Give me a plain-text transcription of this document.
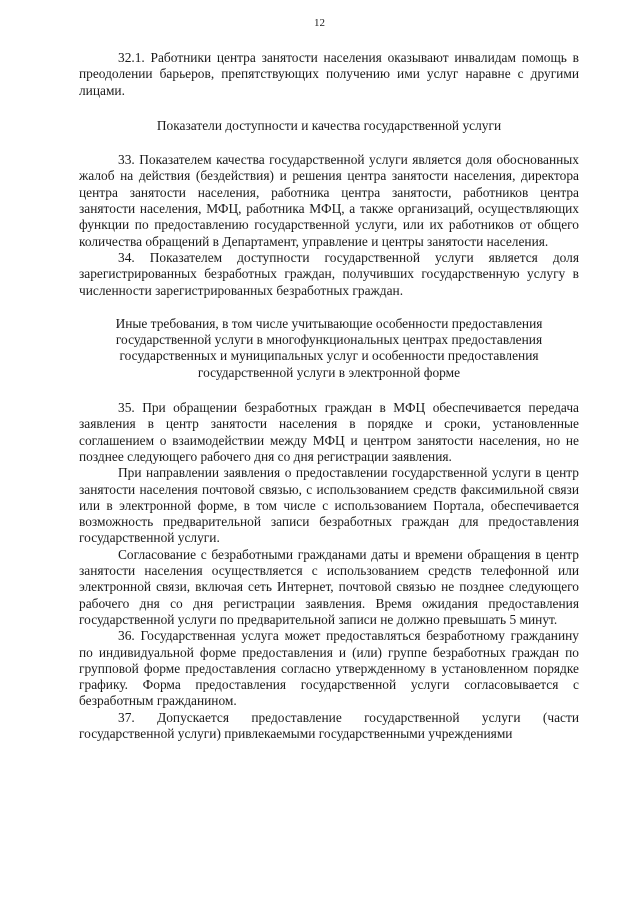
12

32.1. Работники центра занятости населения оказывают инвалидам помощь в преодолении барьеров, препятствующих получению ими услуг наравне с другими лицами.

Показатели доступности и качества государственной услуги

33. Показателем качества государственной услуги является доля обоснованных жалоб на действия (бездействия) и решения центра занятости населения, директора центра занятости населения, работника центра занятости, работников центра занятости населения, МФЦ, работника МФЦ, а также организаций, осуществляющих функции по предоставлению государственной услуги, или их работников от общего количества обращений в Департамент, управление и центры занятости населения.

34. Показателем доступности государственной услуги является доля зарегистрированных безработных граждан, получивших государственную услугу в численности зарегистрированных безработных граждан.

Иные требования, в том числе учитывающие особенности предоставления государственной услуги в многофункциональных центрах предоставления государственных и муниципальных услуг и особенности предоставления государственной услуги в электронной форме

35. При обращении безработных граждан в МФЦ обеспечивается передача заявления в центр занятости населения в порядке и сроки, установленные соглашением о взаимодействии между МФЦ и центром занятости населения, но не позднее следующего рабочего дня со дня регистрации заявления.

При направлении заявления о предоставлении государственной услуги в центр занятости населения почтовой связью, с использованием средств факсимильной связи или в электронной форме, в том числе с использованием Портала, обеспечивается возможность предварительной записи безработных граждан для предоставления государственной услуги.

Согласование с безработными гражданами даты и времени обращения в центр занятости населения осуществляется с использованием средств телефонной или электронной связи, включая сеть Интернет, почтовой связью не позднее следующего рабочего дня со дня регистрации заявления. Время ожидания предоставления государственной услуги по предварительной записи не должно превышать 5 минут.

36. Государственная услуга может предоставляться безработному гражданину по индивидуальной форме предоставления и (или) группе безработных граждан по групповой форме предоставления согласно утвержденному в установленном порядке графику. Форма предоставления государственной услуги согласовывается с безработным гражданином.

37. Допускается предоставление государственной услуги (части государственной услуги) привлекаемыми государственными учреждениями
